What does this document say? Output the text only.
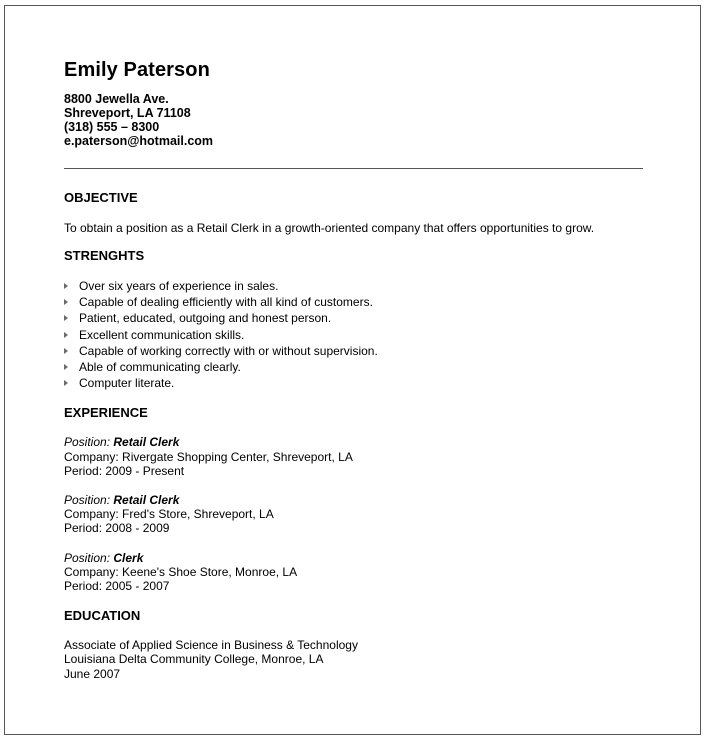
Emily Paterson

8800 Jewella Ave.

Shreveport, LA 71108

(318) 555 – 8300

e.paterson@hotmail.com

OBJECTIVE

To obtain a position as a Retail Clerk in a growth-oriented company that offers opportunities to grow.

STRENGHTS
Over six years of experience in sales.
Capable of dealing efficiently with all kind of customers.
Patient, educated, outgoing and honest person.
Excellent communication skills.
Capable of working correctly with or without supervision.
Able of communicating clearly.
Computer literate.
EXPERIENCE

Position: Retail Clerk

Company: Rivergate Shopping Center, Shreveport, LA

Period: 2009 - Present

Position: Retail Clerk

Company: Fred's Store, Shreveport, LA

Period: 2008 - 2009

Position: Clerk

Company: Keene's Shoe Store, Monroe, LA

Period: 2005 - 2007

EDUCATION

Associate of Applied Science in Business & Technology

Louisiana Delta Community College, Monroe, LA

June 2007
